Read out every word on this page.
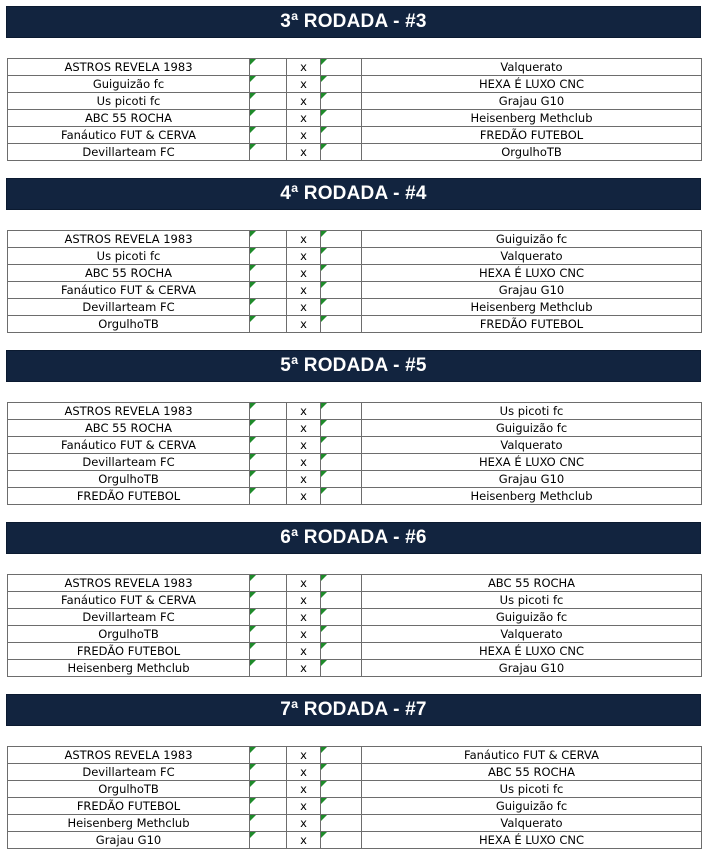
3ª RODADA - #3
ASTROS REVELA 1983		x		Valquerato
Guiguizão fc		x		HEXA É LUXO CNC
Us picoti fc		x		Grajau G10
ABC 55 ROCHA		x		Heisenberg Methclub
Fanáutico FUT & CERVA		x		FREDÃO FUTEBOL
Devillarteam FC		x		OrgulhoTB
4ª RODADA - #4
ASTROS REVELA 1983		x		Guiguizão fc
Us picoti fc		x		Valquerato
ABC 55 ROCHA		x		HEXA É LUXO CNC
Fanáutico FUT & CERVA		x		Grajau G10
Devillarteam FC		x		Heisenberg Methclub
OrgulhoTB		x		FREDÃO FUTEBOL
5ª RODADA - #5
ASTROS REVELA 1983		x		Us picoti fc
ABC 55 ROCHA		x		Guiguizão fc
Fanáutico FUT & CERVA		x		Valquerato
Devillarteam FC		x		HEXA É LUXO CNC
OrgulhoTB		x		Grajau G10
FREDÃO FUTEBOL		x		Heisenberg Methclub
6ª RODADA - #6
ASTROS REVELA 1983		x		ABC 55 ROCHA
Fanáutico FUT & CERVA		x		Us picoti fc
Devillarteam FC		x		Guiguizão fc
OrgulhoTB		x		Valquerato
FREDÃO FUTEBOL		x		HEXA É LUXO CNC
Heisenberg Methclub		x		Grajau G10
7ª RODADA - #7
ASTROS REVELA 1983		x		Fanáutico FUT & CERVA
Devillarteam FC		x		ABC 55 ROCHA
OrgulhoTB		x		Us picoti fc
FREDÃO FUTEBOL		x		Guiguizão fc
Heisenberg Methclub		x		Valquerato
Grajau G10		x		HEXA É LUXO CNC
